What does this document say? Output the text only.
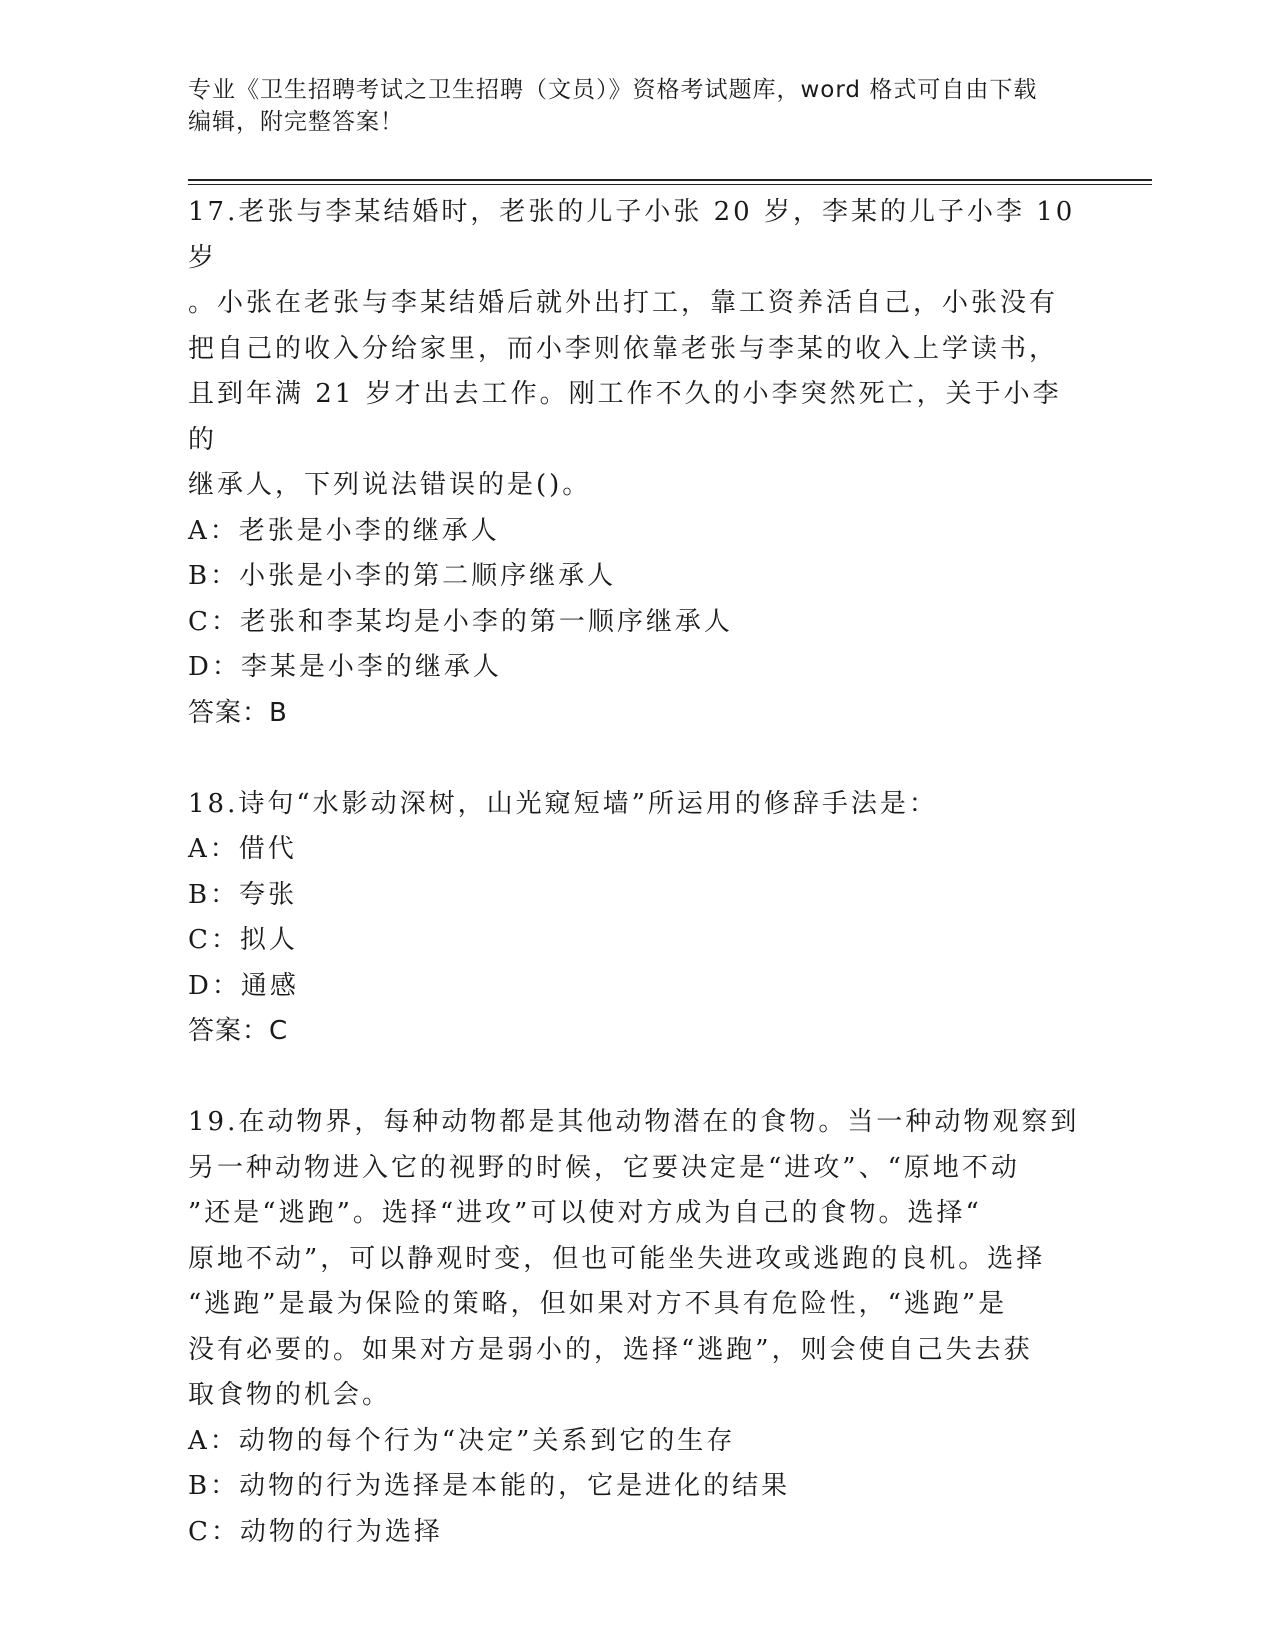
专业《卫生招聘考试之卫生招聘（文员）》资格考试题库，word 格式可自由下载
编辑，附完整答案！
17.老张与李某结婚时，老张的儿子小张 20 岁，李某的儿子小李 10 岁
。小张在老张与李某结婚后就外出打工，靠工资养活自己，小张没有
把自己的收入分给家里，而小李则依靠老张与李某的收入上学读书，
且到年满 21 岁才出去工作。刚工作不久的小李突然死亡，关于小李的
继承人，下列说法错误的是()。
A：老张是小李的继承人
B：小张是小李的第二顺序继承人
C：老张和李某均是小李的第一顺序继承人
D：李某是小李的继承人
答案：B
18.诗句“水影动深树，山光窥短墙”所运用的修辞手法是：
A：借代
B：夸张
C：拟人
D：通感
答案：C
19.在动物界，每种动物都是其他动物潜在的食物。当一种动物观察到
另一种动物进入它的视野的时候，它要决定是“进攻”、“原地不动
”还是“逃跑”。选择“进攻”可以使对方成为自己的食物。选择“
原地不动”，可以静观时变，但也可能坐失进攻或逃跑的良机。选择
“逃跑”是最为保险的策略，但如果对方不具有危险性，“逃跑”是
没有必要的。如果对方是弱小的，选择“逃跑”，则会使自己失去获
取食物的机会。
A：动物的每个行为“决定”关系到它的生存
B：动物的行为选择是本能的，它是进化的结果
C：动物的行为选择
